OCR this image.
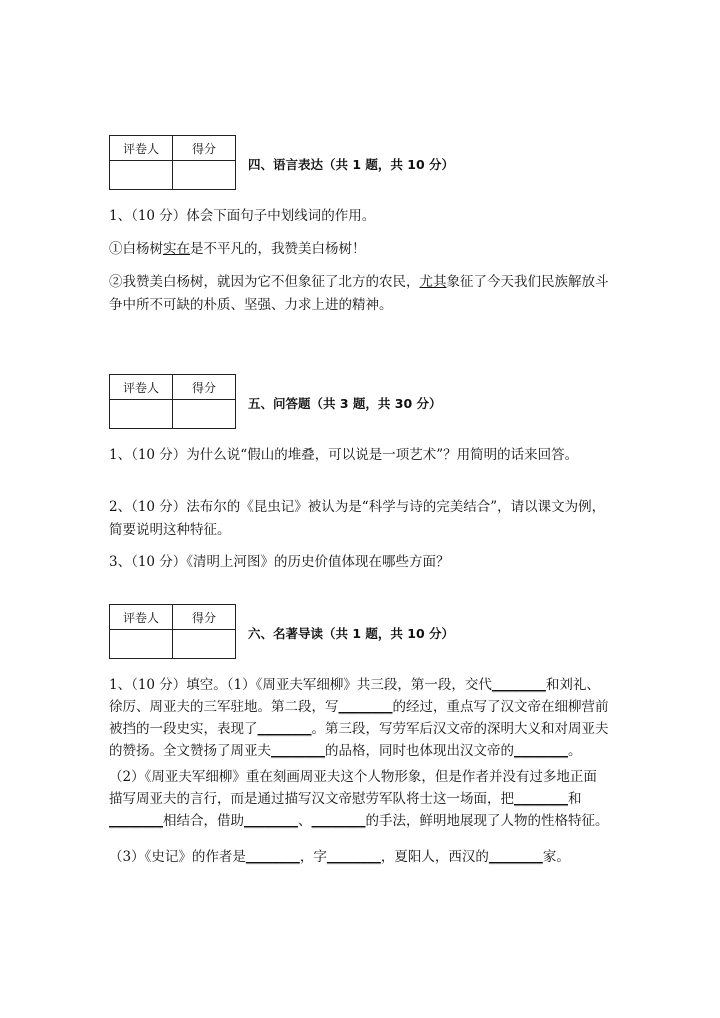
评卷人	得分

四、语言表达（共 1 题，共 10 分）
1、（10 分）体会下面句子中划线词的作用。
①白杨树实在是不平凡的，我赞美白杨树！
②我赞美白杨树，就因为它不但象征了北方的农民，尤其象征了今天我们民族解放斗争中所不可缺的朴质、坚强、力求上进的精神。
评卷人	得分

五、问答题（共 3 题，共 30 分）
1、（10 分）为什么说“假山的堆叠，可以说是一项艺术”？用简明的话来回答。
2、（10 分）法布尔的《昆虫记》被认为是“科学与诗的完美结合”，请以课文为例，简要说明这种特征。
3、（10 分）《清明上河图》的历史价值体现在哪些方面？
评卷人	得分

六、名著导读（共 1 题，共 10 分）
1、（10 分）填空。（1）《周亚夫军细柳》共三段，第一段，交代________和刘礼、徐厉、周亚夫的三军驻地。第二段，写________的经过，重点写了汉文帝在细柳营前被挡的一段史实，表现了________。第三段，写劳军后汉文帝的深明大义和对周亚夫的赞扬。全文赞扬了周亚夫________的品格，同时也体现出汉文帝的________。
（2）《周亚夫军细柳》重在刻画周亚夫这个人物形象，但是作者并没有过多地正面描写周亚夫的言行，而是通过描写汉文帝慰劳军队将士这一场面，把________和________相结合，借助________、________的手法，鲜明地展现了人物的性格特征。
（3）《史记》的作者是________，字________，夏阳人，西汉的________家。
